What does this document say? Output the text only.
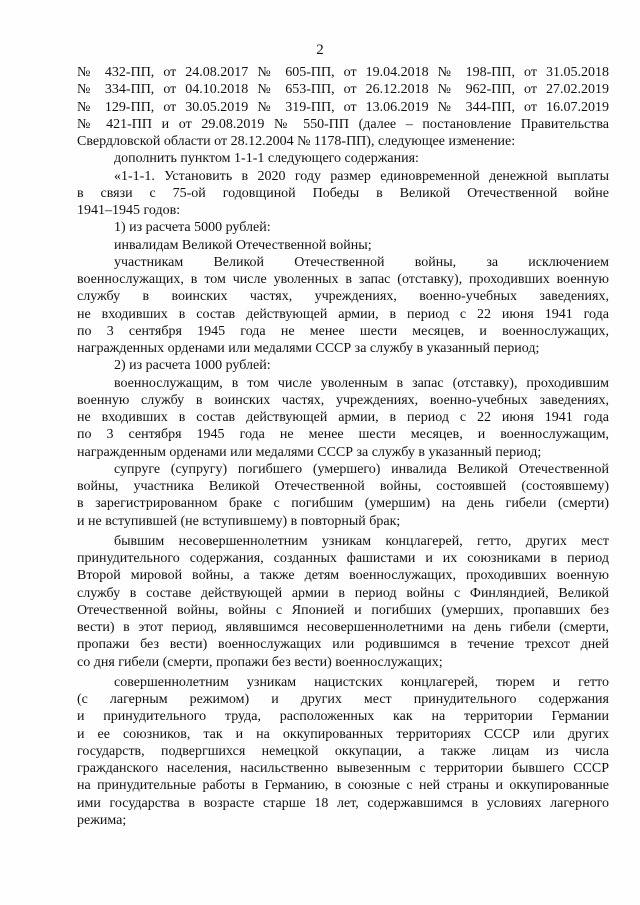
2
№ 432-ПП, от 24.08.2017 № 605-ПП, от 19.04.2018 № 198-ПП, от 31.05.2018
№ 334-ПП, от 04.10.2018 № 653-ПП, от 26.12.2018 № 962-ПП, от 27.02.2019
№ 129-ПП, от 30.05.2019 № 319-ПП, от 13.06.2019 № 344-ПП, от 16.07.2019
№ 421-ПП и от 29.08.2019 № 550-ПП (далее – постановление Правительства
Свердловской области от 28.12.2004 № 1178-ПП), следующее изменение:
дополнить пунктом 1-1-1 следующего содержания:
«1-1-1. Установить в 2020 году размер единовременной денежной выплаты
в связи с 75-ой годовщиной Победы в Великой Отечественной войне
1941–1945 годов:
1) из расчета 5000 рублей:
инвалидам Великой Отечественной войны;
участникам Великой Отечественной войны, за исключением
военнослужащих, в том числе уволенных в запас (отставку), проходивших военную
службу в воинских частях, учреждениях, военно-учебных заведениях,
не входивших в состав действующей армии, в период с 22 июня 1941 года
по 3 сентября 1945 года не менее шести месяцев, и военнослужащих,
награжденных орденами или медалями СССР за службу в указанный период;
2) из расчета 1000 рублей:
военнослужащим, в том числе уволенным в запас (отставку), проходившим
военную службу в воинских частях, учреждениях, военно-учебных заведениях,
не входивших в состав действующей армии, в период с 22 июня 1941 года
по 3 сентября 1945 года не менее шести месяцев, и военнослужащим,
награжденным орденами или медалями СССР за службу в указанный период;
супруге (супругу) погибшего (умершего) инвалида Великой Отечественной
войны, участника Великой Отечественной войны, состоявшей (состоявшему)
в зарегистрированном браке с погибшим (умершим) на день гибели (смерти)
и не вступившей (не вступившему) в повторный брак;
бывшим несовершеннолетним узникам концлагерей, гетто, других мест
принудительного содержания, созданных фашистами и их союзниками в период
Второй мировой войны, а также детям военнослужащих, проходивших военную
службу в составе действующей армии в период войны с Финляндией, Великой
Отечественной войны, войны с Японией и погибших (умерших, пропавших без
вести) в этот период, являвшимся несовершеннолетними на день гибели (смерти,
пропажи без вести) военнослужащих или родившимся в течение трехсот дней
со дня гибели (смерти, пропажи без вести) военнослужащих;
совершеннолетним узникам нацистских концлагерей, тюрем и гетто
(с лагерным режимом) и других мест принудительного содержания
и принудительного труда, расположенных как на территории Германии
и ее союзников, так и на оккупированных территориях СССР или других
государств, подвергшихся немецкой оккупации, а также лицам из числа
гражданского населения, насильственно вывезенным с территории бывшего СССР
на принудительные работы в Германию, в союзные с ней страны и оккупированные
ими государства в возрасте старше 18 лет, содержавшимся в условиях лагерного
режима;
